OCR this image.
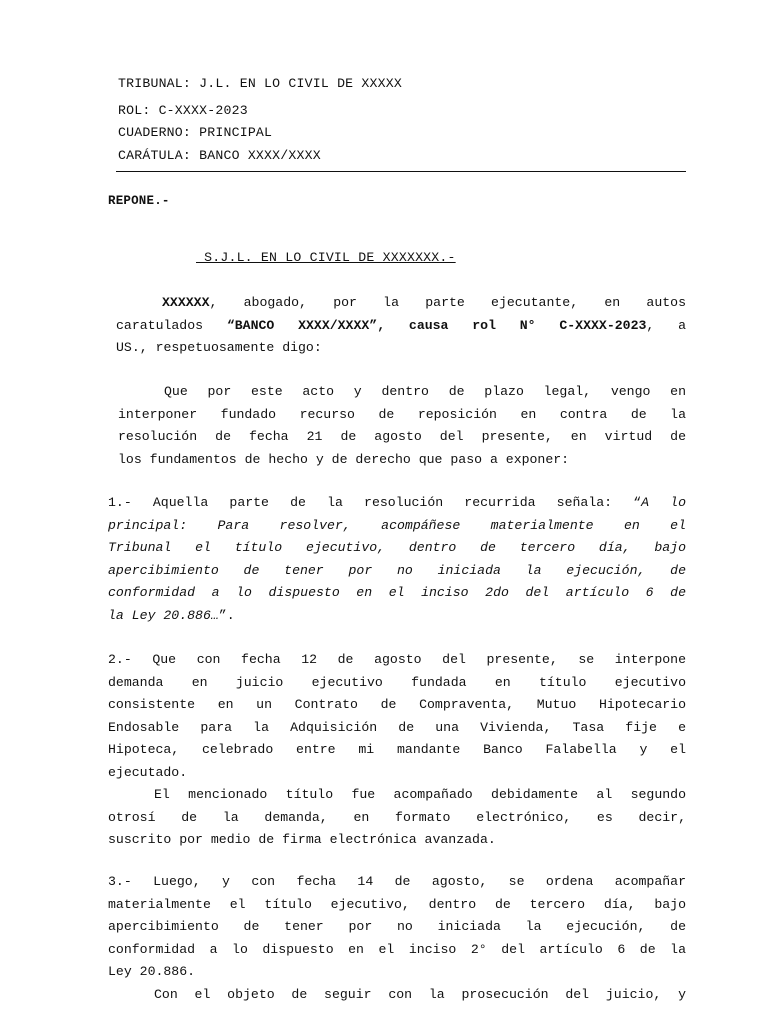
TRIBUNAL: J.L. EN LO CIVIL DE XXXXX
ROL: C-XXXX-2023
CUADERNO: PRINCIPAL
CARÁTULA: BANCO XXXX/XXXX
REPONE.-
S.J.L. EN LO CIVIL DE XXXXXXX.-
XXXXXX, abogado, por la parte ejecutante, en autos
caratulados “BANCO XXXX/XXXX”, causa rol N° C-XXXX-2023, a
US., respetuosamente digo:
Que por este acto y dentro de plazo legal, vengo en
interponer fundado recurso de reposición en contra de la
resolución de fecha 21 de agosto del presente, en virtud de
los fundamentos de hecho y de derecho que paso a exponer:
1.- Aquella parte de la resolución recurrida señala: “A lo
principal: Para resolver, acompáñese materialmente en el
Tribunal el título ejecutivo, dentro de tercero día, bajo
apercibimiento de tener por no iniciada la ejecución, de
conformidad a lo dispuesto en el inciso 2do del artículo 6 de
la Ley 20.886…”.
2.- Que con fecha 12 de agosto del presente, se interpone
demanda en juicio ejecutivo fundada en título ejecutivo
consistente en un Contrato de Compraventa, Mutuo Hipotecario
Endosable para la Adquisición de una Vivienda, Tasa fije e
Hipoteca, celebrado entre mi mandante Banco Falabella y el
ejecutado.
El mencionado título fue acompañado debidamente al segundo
otrosí de la demanda, en formato electrónico, es decir,
suscrito por medio de firma electrónica avanzada.
3.- Luego, y con fecha 14 de agosto, se ordena acompañar
materialmente el título ejecutivo, dentro de tercero día, bajo
apercibimiento de tener por no iniciada la ejecución, de
conformidad a lo dispuesto en el inciso 2° del artículo 6 de la
Ley 20.886.
Con el objeto de seguir con la prosecución del juicio, y
